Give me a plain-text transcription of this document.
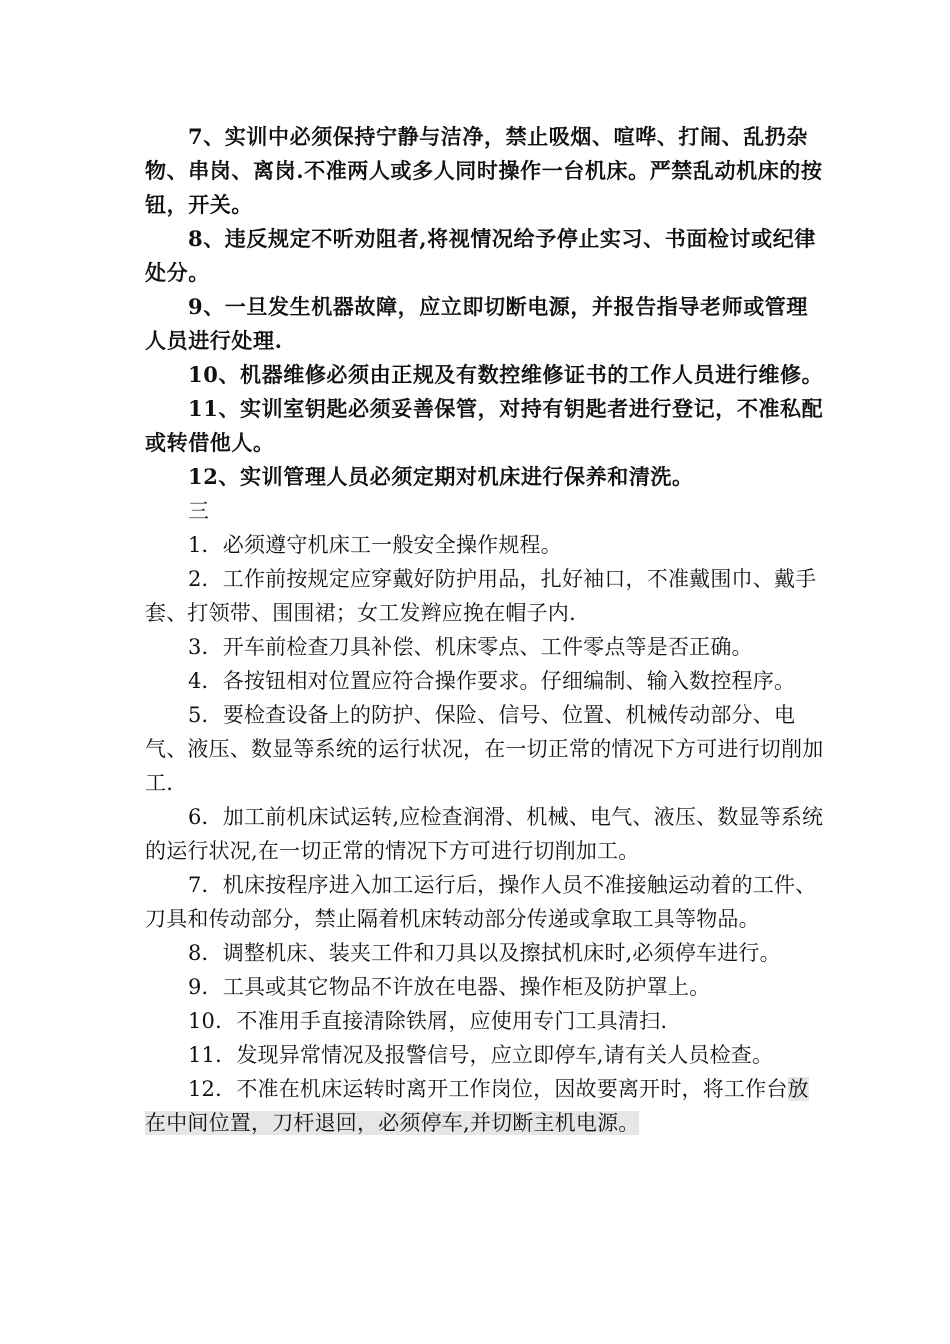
7、实训中必须保持宁静与洁净，禁止吸烟、喧哗、打闹、乱扔杂物、串岗、离岗.不准两人或多人同时操作一台机床。严禁乱动机床的按钮，开关。

8、违反规定不听劝阻者,将视情况给予停止实习、书面检讨或纪律处分。

9、一旦发生机器故障，应立即切断电源，并报告指导老师或管理人员进行处理.

10、机器维修必须由正规及有数控维修证书的工作人员进行维修。

11、实训室钥匙必须妥善保管，对持有钥匙者进行登记，不准私配或转借他人。

12、实训管理人员必须定期对机床进行保养和清洗。

三

1．必须遵守机床工一般安全操作规程。

2．工作前按规定应穿戴好防护用品，扎好袖口，不准戴围巾、戴手套、打领带、围围裙；女工发辫应挽在帽子内.

3．开车前检查刀具补偿、机床零点、工件零点等是否正确。

4．各按钮相对位置应符合操作要求。仔细编制、输入数控程序。

5．要检查设备上的防护、保险、信号、位置、机械传动部分、电气、液压、数显等系统的运行状况，在一切正常的情况下方可进行切削加工.

6．加工前机床试运转,应检查润滑、机械、电气、液压、数显等系统的运行状况,在一切正常的情况下方可进行切削加工。

7．机床按程序进入加工运行后，操作人员不准接触运动着的工件、刀具和传动部分，禁止隔着机床转动部分传递或拿取工具等物品。

8．调整机床、装夹工件和刀具以及擦拭机床时,必须停车进行。

9．工具或其它物品不许放在电器、操作柜及防护罩上。

10．不准用手直接清除铁屑，应使用专门工具清扫.

11．发现异常情况及报警信号，应立即停车,请有关人员检查。

12．不准在机床运转时离开工作岗位，因故要离开时，将工作台放在中间位置，刀杆退回，必须停车,并切断主机电源。
